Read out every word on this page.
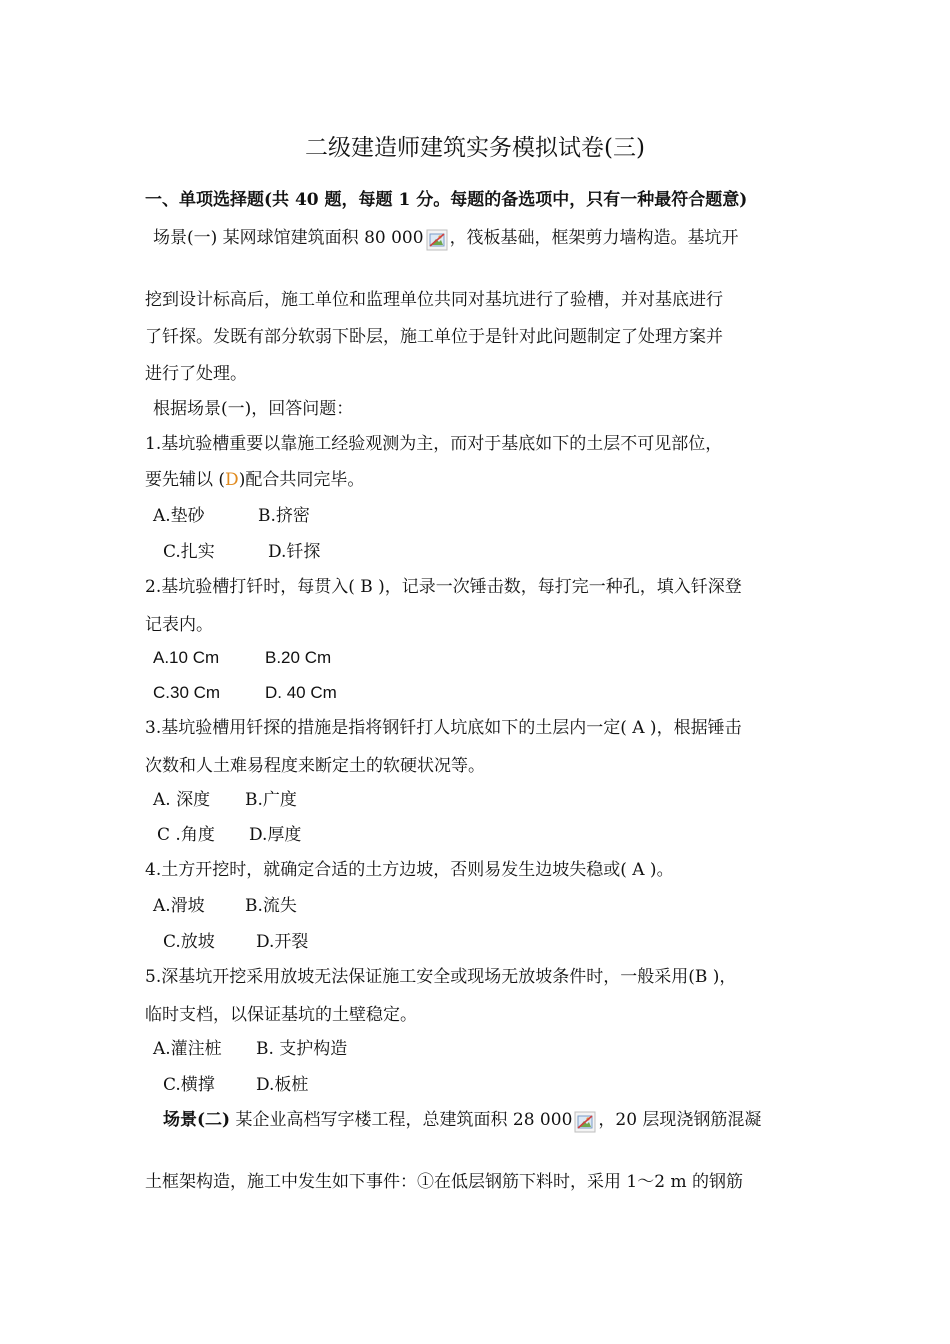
二级建造师建筑实务模拟试卷(三)
一、单项选择题(共 40 题，每题 1 分。每题的备选项中，只有一种最符合题意)
场景(一) 某网球馆建筑面积 80 000 ，筏板基础，框架剪力墙构造。基坑开
挖到设计标高后，施工单位和监理单位共同对基坑进行了验槽，并对基底进行
了钎探。发既有部分软弱下卧层，施工单位于是针对此问题制定了处理方案并
进行了处理。
根据场景(一)，回答问题：
1.基坑验槽重要以靠施工经验观测为主，而对于基底如下的土层不可见部位，
要先辅以 (D)配合共同完毕。
A.垫砂	B.挤密
C.扎实	D.钎探
2.基坑验槽打钎时，每贯入( B )，记录一次锤击数，每打完一种孔，填入钎深登
记表内。
A.10 Cm	B.20 Cm
C.30 Cm	D. 40 Cm
3.基坑验槽用钎探的措施是指将钢钎打人坑底如下的土层内一定( A )，根据锤击
次数和人土难易程度来断定土的软硬状况等。
A. 深度 B.广度
C .角度 D.厚度
4.土方开挖时，就确定合适的土方边坡，否则易发生边坡失稳或( A )。
A.滑坡 B.流失
C.放坡 D.开裂
5.深基坑开挖采用放坡无法保证施工安全或现场无放坡条件时，一般采用(B )，
临时支档，以保证基坑的土壁稳定。
A.灌注桩 B. 支护构造
C.横撑 D.板桩
场景(二) 某企业高档写字楼工程，总建筑面积 28 000 ，20 层现浇钢筋混凝
土框架构造，施工中发生如下事件：①在低层钢筋下料时，采用 1～2 m 的钢筋
